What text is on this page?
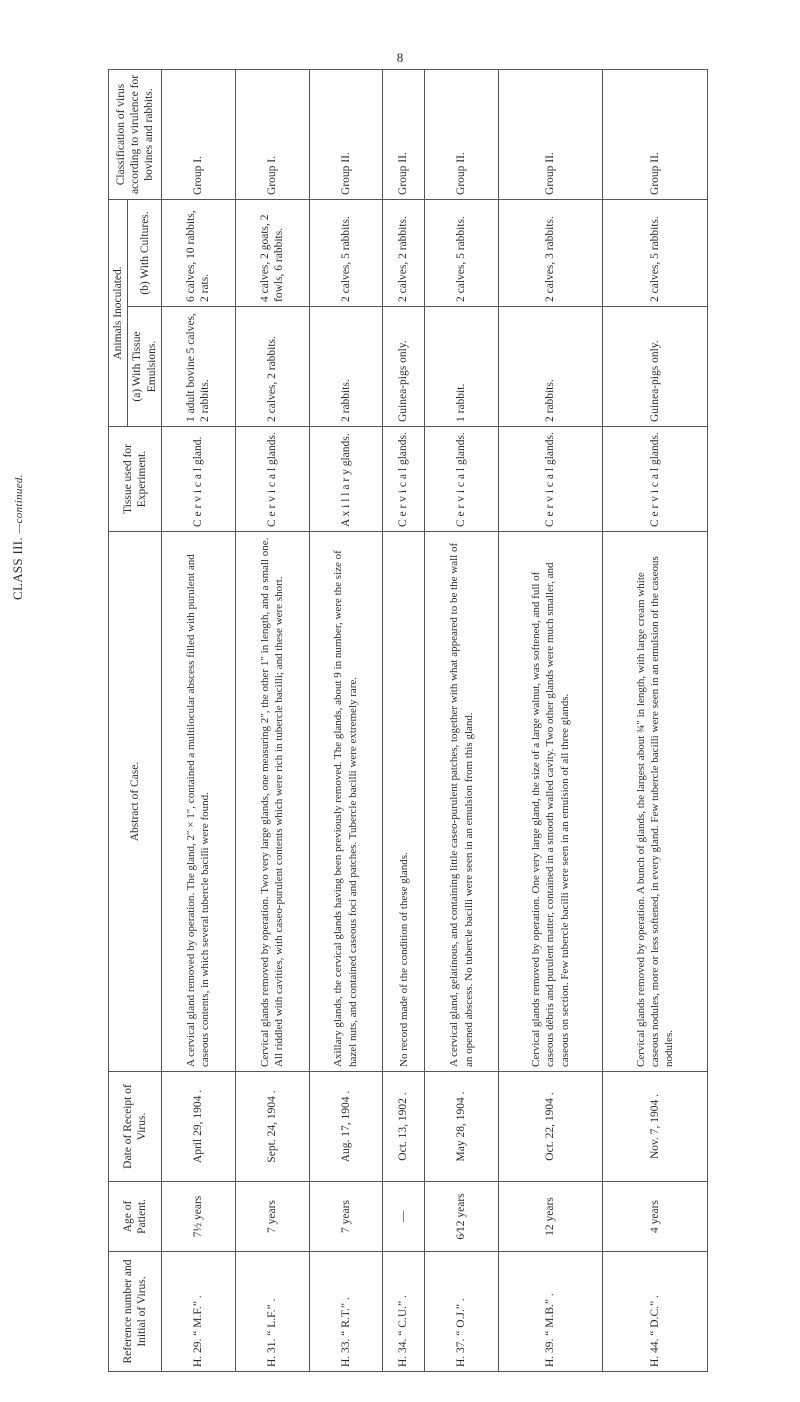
8
CLASS III. —continued.
Reference number and Initial of Virus.	Age of Patient.	Date of Receipt of Virus.	Abstract of Case.	Tissue used for Experiment.	Animals Inoculated.		Classification of virus according to virulence for bovines and rabbits.
					(a) With Tissue Emulsions.	(b) With Cultures.	
H. 29. “ M.F.” .	7½ years	April 29, 1904 .	A cervical gland removed by operation. The gland, 2″ × 1″, contained a multilocular abscess filled with purulent and caseous contents, in which several tubercle bacilli were found.	C e r v i c a l gland.	1 adult bovine 5 calves, 2 rabbits.	6 calves, 10 rabbits, 2 rats.	Group I.
H. 31. “ L.F.” .	7 years	Sept. 24, 1904 .	Cervical glands removed by operation. Two very large glands, one measuring 2″, the other 1″ in length, and a small one. All riddled with cavities, with caseo-purulent contents which were rich in tubercle bacilli; and these were short.	C e r v i c a l glands.	2 calves, 2 rabbits.	4 calves, 2 goats, 2 fowls, 6 rabbits.	Group I.
H. 33. “ R.T.” .	7 years	Aug. 17, 1904 .	Axillary glands, the cervical glands having been previously removed. The glands, about 9 in number, were the size of hazel nuts, and contained caseous foci and patches. Tubercle bacilli were extremely rare.	A x i l l a r y glands.	2 rabbits.	2 calves, 5 rabbits.	Group II.
H. 34. “ C.U.” .	—	Oct. 13, 1902 .	No record made of the condition of these glands.	C e r v i c a l glands.	Guinea-pigs only.	2 calves, 2 rabbits.	Group II.
H. 37. “ O.J.” .	6⁄12 years	May 28, 1904 .	A cervical gland, gelatinous, and containing little caseo-purulent patches, together with what appeared to be the wall of an opened abscess. No tubercle bacilli were seen in an emulsion from this gland.	C e r v i c a l glands.	1 rabbit.	2 calves, 5 rabbits.	Group II.
H. 39. “ M.B.” .	12 years	Oct. 22, 1904 .	Cervical glands removed by operation. One very large gland, the size of a large walnut, was softened, and full of caseous débris and purulent matter, contained in a smooth walled cavity. Two other glands were much smaller, and caseous on section. Few tubercle bacilli were seen in an emulsion of all three glands.	C e r v i c a l glands.	2 rabbits.	2 calves, 3 rabbits.	Group II.
H. 44. “ D.C.” .	4 years	Nov. 7, 1904 .	Cervical glands removed by operation. A bunch of glands, the largest about ¾″ in length, with large cream white caseous nodules, more or less softened, in every gland. Few tubercle bacilli were seen in an emulsion of the caseous nodules.	C e r v i c a l glands.	Guinea-pigs only.	2 calves, 5 rabbits.	Group II.
